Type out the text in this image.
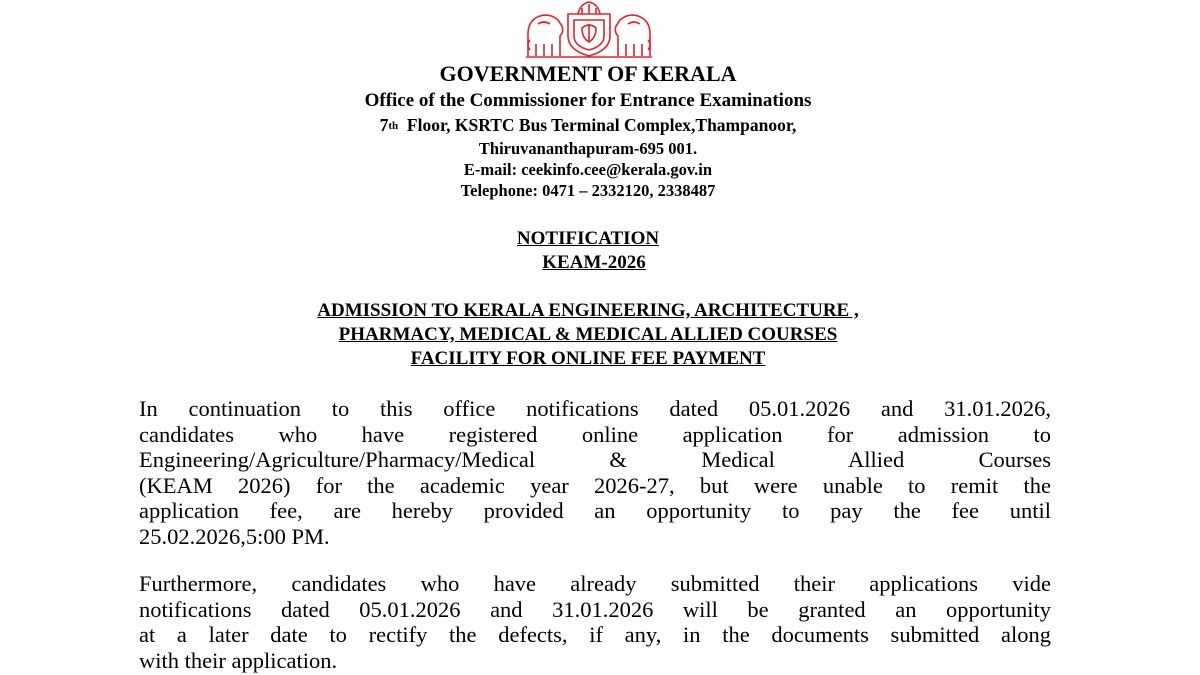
GOVERNMENT OF KERALA
Office of the Commissioner for Entrance Examinations
7th Floor, KSRTC Bus Terminal Complex,Thampanoor,
Thiruvananthapuram-695 001.
E-mail: ceekinfo.cee@kerala.gov.in
Telephone: 0471 – 2332120, 2338487
NOTIFICATION
KEAM-2026
ADMISSION TO KERALA ENGINEERING, ARCHITECTURE ,
PHARMACY, MEDICAL & MEDICAL ALLIED COURSES
FACILITY FOR ONLINE FEE PAYMENT
In continuation to this office notifications dated 05.01.2026 and 31.01.2026,
candidates who have registered online application for admission to
Engineering/Agriculture/Pharmacy/Medical & Medical Allied Courses
(KEAM 2026) for the academic year 2026-27, but were unable to remit the
application fee, are hereby provided an opportunity to pay the fee until
25.02.2026,5:00 PM.
Furthermore, candidates who have already submitted their applications vide
notifications dated 05.01.2026 and 31.01.2026 will be granted an opportunity
at a later date to rectify the defects, if any, in the documents submitted along
with their application.
